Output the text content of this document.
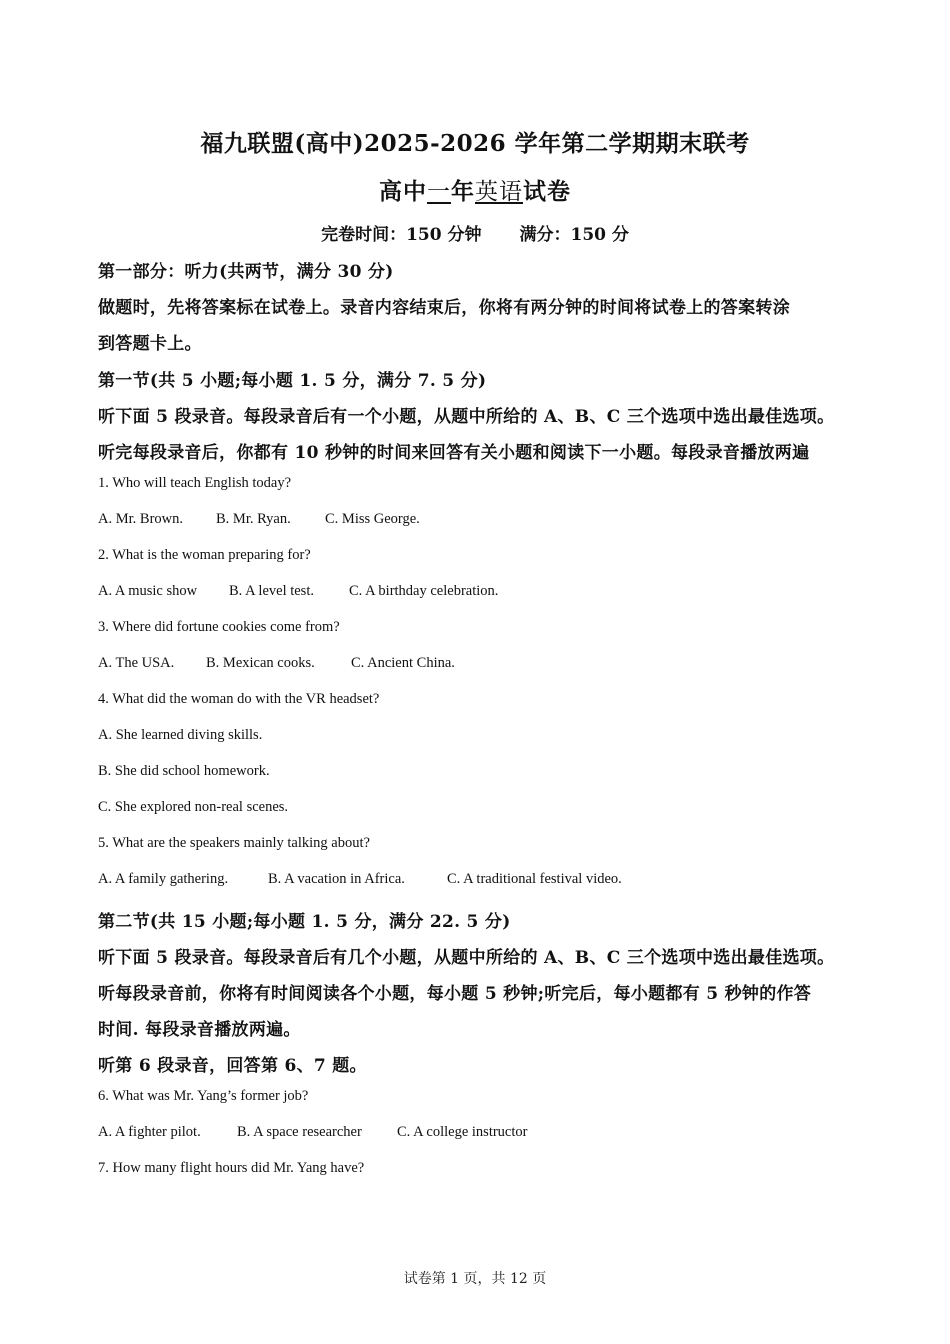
福九联盟(高中)2025-2026 学年第二学期期末联考
高中一年英语试卷
完卷时间：150 分钟 满分：150 分
第一部分：听力(共两节，满分 30 分)
做题时，先将答案标在试卷上。录音内容结束后，你将有两分钟的时间将试卷上的答案转涂
到答题卡上。
第一节(共 5 小题;每小题 1. 5 分，满分 7. 5 分)
听下面 5 段录音。每段录音后有一个小题，从题中所给的 A、B、C 三个选项中选出最佳选项。
听完每段录音后，你都有 10 秒钟的时间来回答有关小题和阅读下一小题。每段录音播放两遍
1. Who will teach English today?
A. Mr. Brown. B. Mr. Ryan. C. Miss George.
2. What is the woman preparing for?
A. A music show B. A level test. C. A birthday celebration.
3. Where did fortune cookies come from?
A. The USA. B. Mexican cooks.	C. Ancient China.
4. What did the woman do with the VR headset?
A. She learned diving skills.
B. She did school homework.
C. She explored non-real scenes.
5. What are the speakers mainly talking about?
A. A family gathering.	B. A vacation in Africa.	C. A traditional festival video.
第二节(共 15 小题;每小题 1. 5 分，满分 22. 5 分)
听下面 5 段录音。每段录音后有几个小题，从题中所给的 A、B、C 三个选项中选出最佳选项。
听每段录音前，你将有时间阅读各个小题，每小题 5 秒钟;听完后，每小题都有 5 秒钟的作答
时间. 每段录音播放两遍。
听第 6 段录音，回答第 6、7 题。
6. What was Mr. Yang’s former job?
A. A fighter pilot.	B. A space researcher C. A college instructor
7. How many flight hours did Mr. Yang have?
试卷第 1 页，共 12 页
